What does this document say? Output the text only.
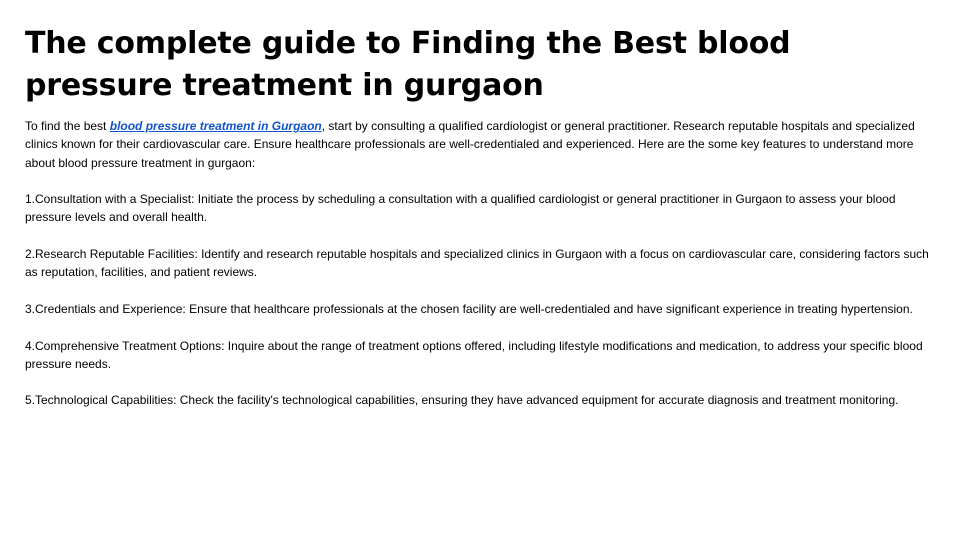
The complete guide to Finding the Best blood pressure treatment in gurgaon

To find the best blood pressure treatment in Gurgaon, start by consulting a qualified cardiologist or general practitioner. Research reputable hospitals and specialized clinics known for their cardiovascular care. Ensure healthcare professionals are well-credentialed and experienced. Here are the some key features to understand more about blood pressure treatment in gurgaon:

1.Consultation with a Specialist: Initiate the process by scheduling a consultation with a qualified cardiologist or general practitioner in Gurgaon to assess your blood pressure levels and overall health.

2.Research Reputable Facilities: Identify and research reputable hospitals and specialized clinics in Gurgaon with a focus on cardiovascular care, considering factors such as reputation, facilities, and patient reviews.

3.Credentials and Experience: Ensure that healthcare professionals at the chosen facility are well-credentialed and have significant experience in treating hypertension.

4.Comprehensive Treatment Options: Inquire about the range of treatment options offered, including lifestyle modifications and medication, to address your specific blood pressure needs.

5.Technological Capabilities: Check the facility's technological capabilities, ensuring they have advanced equipment for accurate diagnosis and treatment monitoring.
